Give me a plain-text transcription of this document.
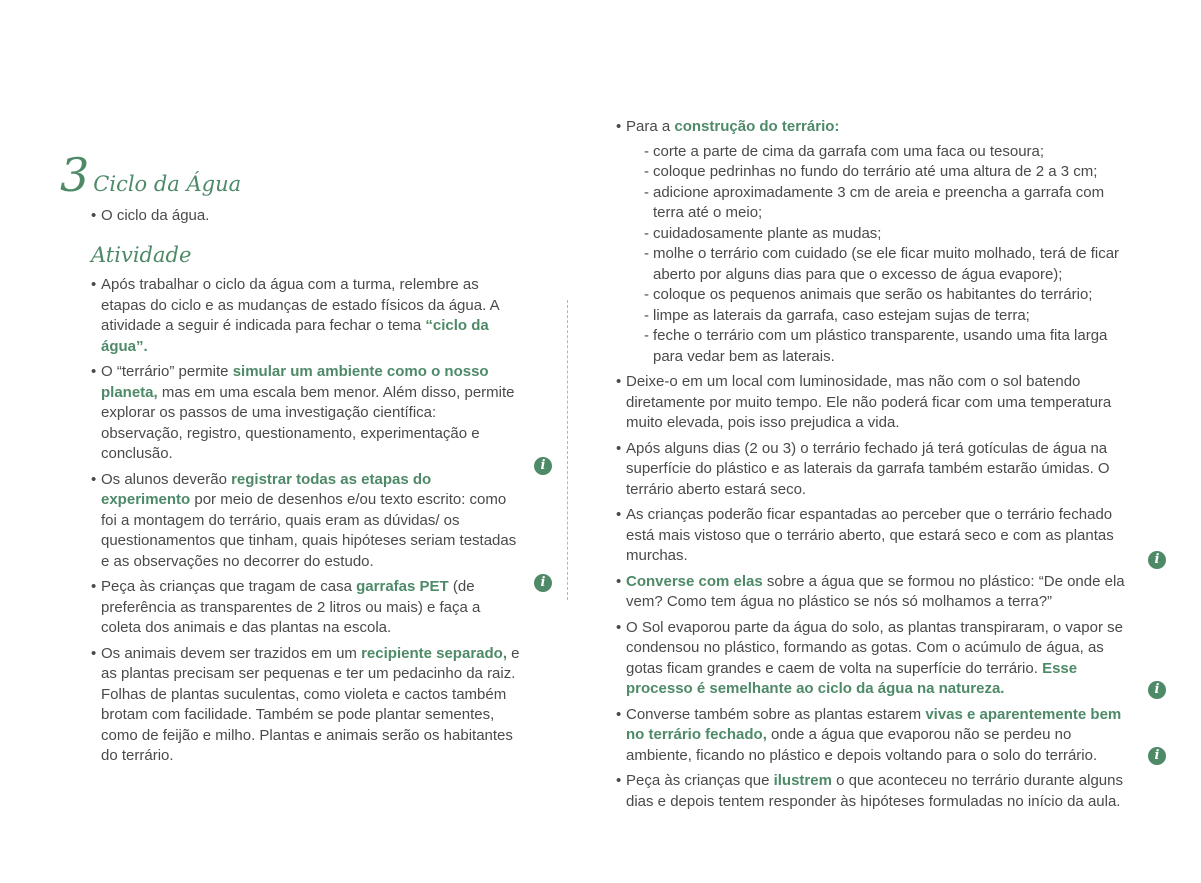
3 Ciclo da Água
• O ciclo da água.
Atividade
• Após trabalhar o ciclo da água com a turma, relembre as etapas do ciclo e as mudanças de estado físicos da água. A atividade a seguir é indicada para fechar o tema “ciclo da água”.
• O “terrário” permite simular um ambiente como o nosso planeta, mas em uma escala bem menor. Além disso, permite explorar os passos de uma investigação científica: observação, registro, questionamento, experimentação e conclusão.
• Os alunos deverão registrar todas as etapas do experimento por meio de desenhos e/ou texto escrito: como foi a montagem do terrário, quais eram as dúvidas/ os questionamentos que tinham, quais hipóteses seriam testadas e as observações no decorrer do estudo.
• Peça às crianças que tragam de casa garrafas PET (de preferência as transparentes de 2 litros ou mais) e faça a coleta dos animais e das plantas na escola.
• Os animais devem ser trazidos em um recipiente separado, e as plantas precisam ser pequenas e ter um pedacinho da raiz. Folhas de plantas suculentas, como violeta e cactos também brotam com facilidade. Também se pode plantar sementes, como de feijão e milho. Plantas e animais serão os habitantes do terrário.
i
i
• Para a construção do terrário:
- corte a parte de cima da garrafa com uma faca ou tesoura;
- coloque pedrinhas no fundo do terrário até uma altura de 2 a 3 cm;
- adicione aproximadamente 3 cm de areia e preencha a garrafa com terra até o meio;
- cuidadosamente plante as mudas;
- molhe o terrário com cuidado (se ele ficar muito molhado, terá de ficar aberto por alguns dias para que o excesso de água evapore);
- coloque os pequenos animais que serão os habitantes do terrário;
- limpe as laterais da garrafa, caso estejam sujas de terra;
- feche o terrário com um plástico transparente, usando uma fita larga para vedar bem as laterais.
• Deixe-o em um local com luminosidade, mas não com o sol batendo diretamente por muito tempo. Ele não poderá ficar com uma temperatura muito elevada, pois isso prejudica a vida.
• Após alguns dias (2 ou 3) o terrário fechado já terá gotículas de água na superfície do plástico e as laterais da garrafa também estarão úmidas. O terrário aberto estará seco.
• As crianças poderão ficar espantadas ao perceber que o terrário fechado está mais vistoso que o terrário aberto, que estará seco e com as plantas murchas.
• Converse com elas sobre a água que se formou no plástico: “De onde ela vem? Como tem água no plástico se nós só molhamos a terra?”
• O Sol evaporou parte da água do solo, as plantas transpiraram, o vapor se condensou no plástico, formando as gotas. Com o acúmulo de água, as gotas ficam grandes e caem de volta na superfície do terrário. Esse processo é semelhante ao ciclo da água na natureza.
• Converse também sobre as plantas estarem vivas e aparentemente bem no terrário fechado, onde a água que evaporou não se perdeu no ambiente, ficando no plástico e depois voltando para o solo do terrário.
• Peça às crianças que ilustrem o que aconteceu no terrário durante alguns dias e depois tentem responder às hipóteses formuladas no início da aula.
i
i
i
